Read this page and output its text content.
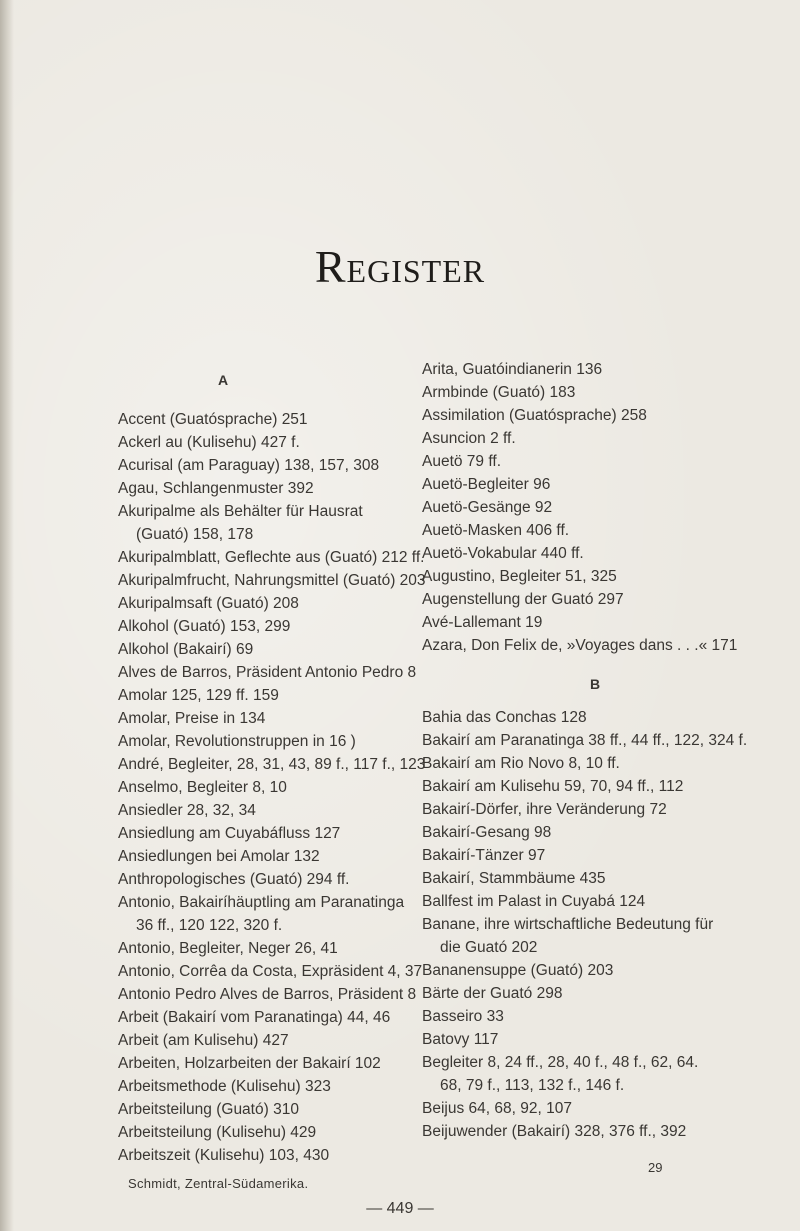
Register
A
Accent (Guatósprache) 251
Ackerl au (Kulisehu) 427 f.
Acurisal (am Paraguay) 138, 157, 308
Agau, Schlangenmuster 392
Akuripalme als Behälter für Hausrat
(Guató) 158, 178
Akuripalmblatt, Geflechte aus (Guató) 212 ff.
Akuripalmfrucht, Nahrungsmittel (Guató) 203
Akuripalmsaft (Guató) 208
Alkohol (Guató) 153, 299
Alkohol (Bakairí) 69
Alves de Barros, Präsident Antonio Pedro 8
Amolar 125, 129 ff. 159
Amolar, Preise in 134
Amolar, Revolutionstruppen in 16 )
André, Begleiter, 28, 31, 43, 89 f., 117 f., 123
Anselmo, Begleiter 8, 10
Ansiedler 28, 32, 34
Ansiedlung am Cuyabáfluss 127
Ansiedlungen bei Amolar 132
Anthropologisches (Guató) 294 ff.
Antonio, Bakairíhäuptling am Paranatinga
36 ff., 120 122, 320 f.
Antonio, Begleiter, Neger 26, 41
Antonio, Corrêa da Costa, Expräsident 4, 37
Antonio Pedro Alves de Barros, Präsident 8
Arbeit (Bakairí vom Paranatinga) 44, 46
Arbeit (am Kulisehu) 427
Arbeiten, Holzarbeiten der Bakairí 102
Arbeitsmethode (Kulisehu) 323
Arbeitsteilung (Guató) 310
Arbeitsteilung (Kulisehu) 429
Arbeitszeit (Kulisehu) 103, 430
Arita, Guatóindianerin 136
Armbinde (Guató) 183
Assimilation (Guatósprache) 258
Asuncion 2 ff.
Auetö 79 ff.
Auetö-Begleiter 96
Auetö-Gesänge 92
Auetö-Masken 406 ff.
Auetö-Vokabular 440 ff.
Augustino, Begleiter 51, 325
Augenstellung der Guató 297
Avé-Lallemant 19
Azara, Don Felix de, »Voyages dans . . .« 171
B
Bahia das Conchas 128
Bakairí am Paranatinga 38 ff., 44 ff., 122, 324 f.
Bakairí am Rio Novo 8, 10 ff.
Bakairí am Kulisehu 59, 70, 94 ff., 112
Bakairí-Dörfer, ihre Veränderung 72
Bakairí-Gesang 98
Bakairí-Tänzer 97
Bakairí, Stammbäume 435
Ballfest im Palast in Cuyabá 124
Banane, ihre wirtschaftliche Bedeutung für
die Guató 202
Bananensuppe (Guató) 203
Bärte der Guató 298
Basseiro 33
Batovy 117
Begleiter 8, 24 ff., 28, 40 f., 48 f., 62, 64.
68, 79 f., 113, 132 f., 146 f.
Beijus 64, 68, 92, 107
Beijuwender (Bakairí) 328, 376 ff., 392
Schmidt, Zentral-Südamerika.
29
— 449 —
